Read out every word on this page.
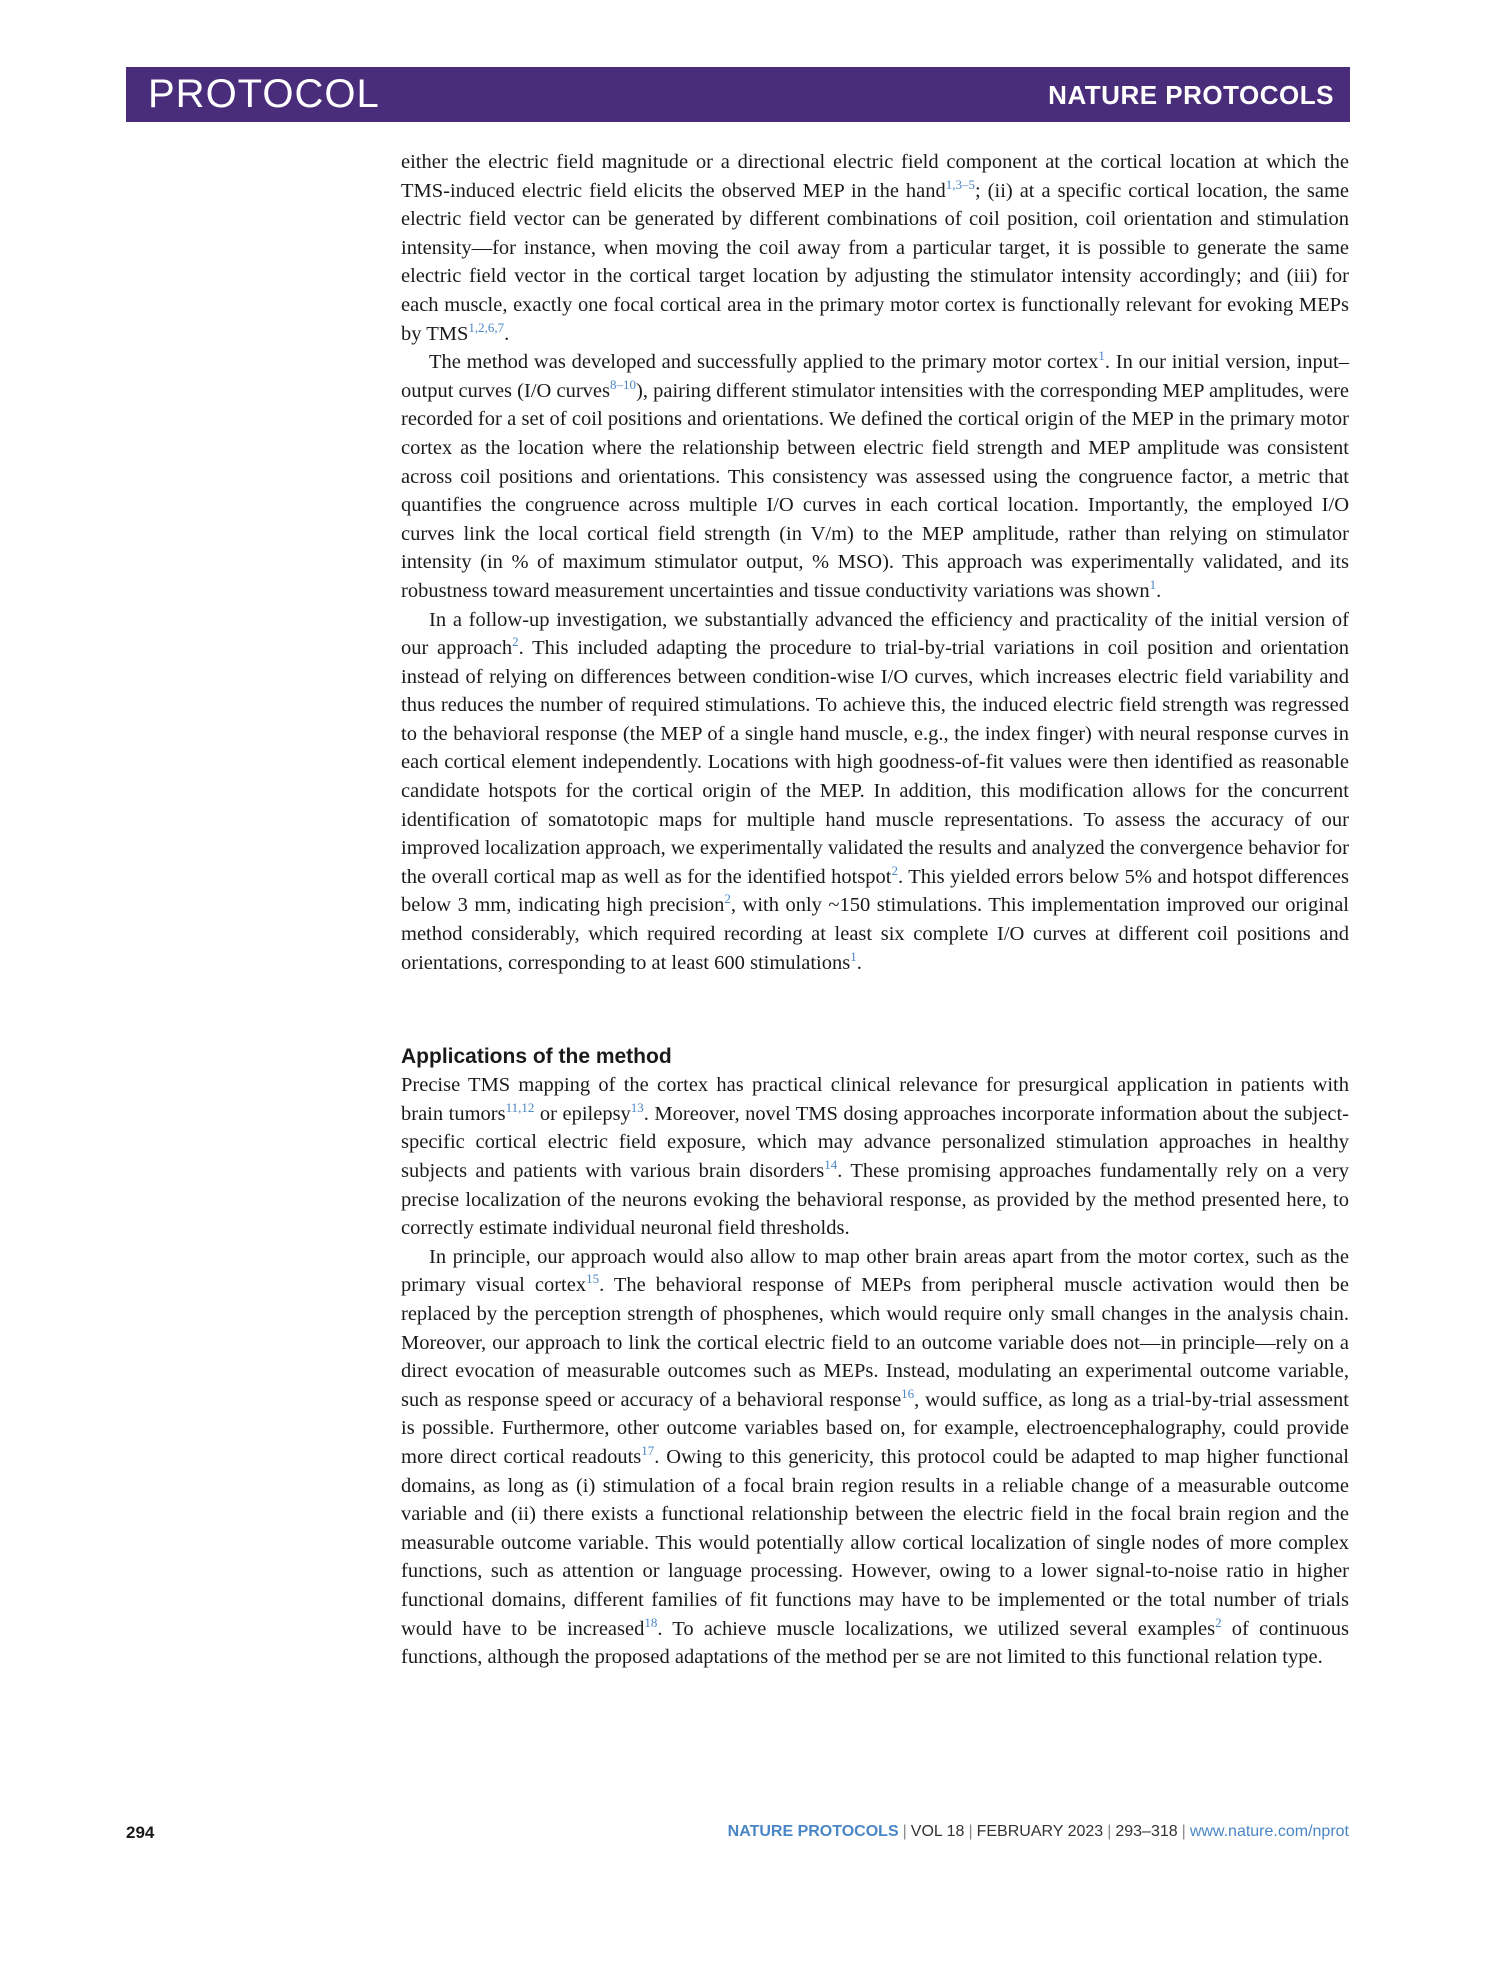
PROTOCOL	NATURE PROTOCOLS

either the electric field magnitude or a directional electric field component at the cortical location at which the TMS-induced electric field elicits the observed MEP in the hand$^{1,3-5}$; (ii) at a specific cortical location, the same electric field vector can be generated by different combinations of coil position, coil orientation and stimulation intensity—for instance, when moving the coil away from a particular target, it is possible to generate the same electric field vector in the cortical target location by adjusting the stimulator intensity accordingly; and (iii) for each muscle, exactly one focal cortical area in the primary motor cortex is functionally relevant for evoking MEPs by TMS$^{1,2,6,7}$.

The method was developed and successfully applied to the primary motor cortex$^1$. In our initial version, input–output curves (I/O curves$^{8-10}$), pairing different stimulator intensities with the corresponding MEP amplitudes, were recorded for a set of coil positions and orientations. We defined the cortical origin of the MEP in the primary motor cortex as the location where the relationship between electric field strength and MEP amplitude was consistent across coil positions and orientations. This consistency was assessed using the congruence factor, a metric that quantifies the congruence across multiple I/O curves in each cortical location. Importantly, the employed I/O curves link the local cortical field strength (in V/m) to the MEP amplitude, rather than relying on stimulator intensity (in % of maximum stimulator output, % MSO). This approach was experimentally validated, and its robustness toward measurement uncertainties and tissue conductivity variations was shown$^1$.

In a follow-up investigation, we substantially advanced the efficiency and practicality of the initial version of our approach$^2$. This included adapting the procedure to trial-by-trial variations in coil position and orientation instead of relying on differences between condition-wise I/O curves, which increases electric field variability and thus reduces the number of required stimulations. To achieve this, the induced electric field strength was regressed to the behavioral response (the MEP of a single hand muscle, e.g., the index finger) with neural response curves in each cortical element independently. Locations with high goodness-of-fit values were then identified as reasonable candidate hotspots for the cortical origin of the MEP. In addition, this modification allows for the concurrent identification of somatotopic maps for multiple hand muscle representations. To assess the accuracy of our improved localization approach, we experimentally validated the results and analyzed the convergence behavior for the overall cortical map as well as for the identified hotspot$^2$. This yielded errors below 5% and hotspot differences below 3 mm, indicating high precision$^2$, with only ~150 stimulations. This implementation improved our original method considerably, which required recording at least six complete I/O curves at different coil positions and orientations, corresponding to at least 600 stimulations$^1$.

Applications of the method

Precise TMS mapping of the cortex has practical clinical relevance for presurgical application in patients with brain tumors$^{11,12}$ or epilepsy$^{13}$. Moreover, novel TMS dosing approaches incorporate information about the subject-specific cortical electric field exposure, which may advance personalized stimulation approaches in healthy subjects and patients with various brain disorders$^{14}$. These promising approaches fundamentally rely on a very precise localization of the neurons evoking the behavioral response, as provided by the method presented here, to correctly estimate individual neuronal field thresholds.

In principle, our approach would also allow to map other brain areas apart from the motor cortex, such as the primary visual cortex$^{15}$. The behavioral response of MEPs from peripheral muscle activation would then be replaced by the perception strength of phosphenes, which would require only small changes in the analysis chain. Moreover, our approach to link the cortical electric field to an outcome variable does not—in principle—rely on a direct evocation of measurable outcomes such as MEPs. Instead, modulating an experimental outcome variable, such as response speed or accuracy of a behavioral response$^{16}$, would suffice, as long as a trial-by-trial assessment is possible. Furthermore, other outcome variables based on, for example, electroencephalography, could provide more direct cortical readouts$^{17}$. Owing to this genericity, this protocol could be adapted to map higher functional domains, as long as (i) stimulation of a focal brain region results in a reliable change of a measurable outcome variable and (ii) there exists a functional relationship between the electric field in the focal brain region and the measurable outcome variable. This would potentially allow cortical localization of single nodes of more complex functions, such as attention or language processing. However, owing to a lower signal-to-noise ratio in higher functional domains, different families of fit functions may have to be implemented or the total number of trials would have to be increased$^{18}$. To achieve muscle localizations, we utilized several examples$^2$ of continuous functions, although the proposed adaptations of the method per se are not limited to this functional relation type.

294	NATURE PROTOCOLS | VOL 18 | FEBRUARY 2023 | 293–318 | www.nature.com/nprot
